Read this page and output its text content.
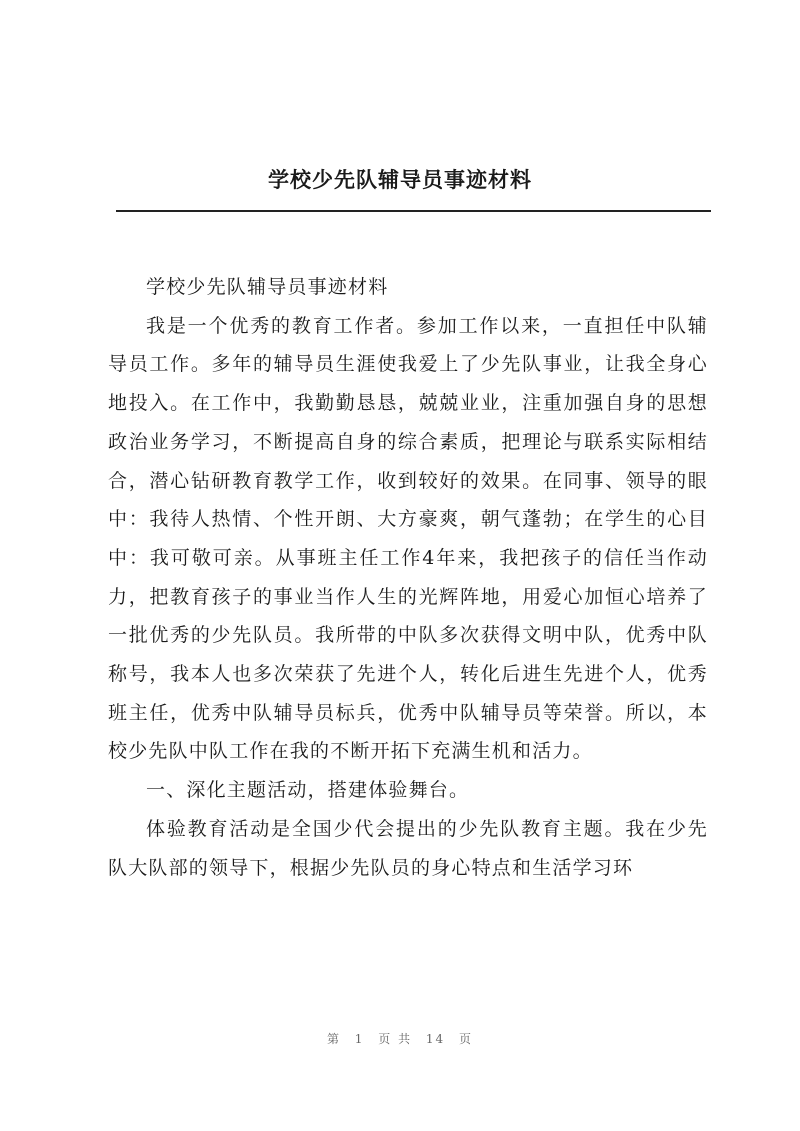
学校少先队辅导员事迹材料

学校少先队辅导员事迹材料

我是一个优秀的教育工作者。参加工作以来，一直担任中队辅导员工作。多年的辅导员生涯使我爱上了少先队事业，让我全身心地投入。在工作中，我勤勤恳恳，兢兢业业，注重加强自身的思想政治业务学习，不断提高自身的综合素质，把理论与联系实际相结合，潜心钻研教育教学工作，收到较好的效果。在同事、领导的眼中：我待人热情、个性开朗、大方豪爽，朝气蓬勃；在学生的心目中：我可敬可亲。从事班主任工作4年来，我把孩子的信任当作动力，把教育孩子的事业当作人生的光辉阵地，用爱心加恒心培养了一批优秀的少先队员。我所带的中队多次获得文明中队，优秀中队称号，我本人也多次荣获了先进个人，转化后进生先进个人，优秀班主任，优秀中队辅导员标兵，优秀中队辅导员等荣誉。所以，本校少先队中队工作在我的不断开拓下充满生机和活力。

一、深化主题活动，搭建体验舞台。

体验教育活动是全国少代会提出的少先队教育主题。我在少先队大队部的领导下，根据少先队员的身心特点和生活学习环

第 1 页 共 14 页
